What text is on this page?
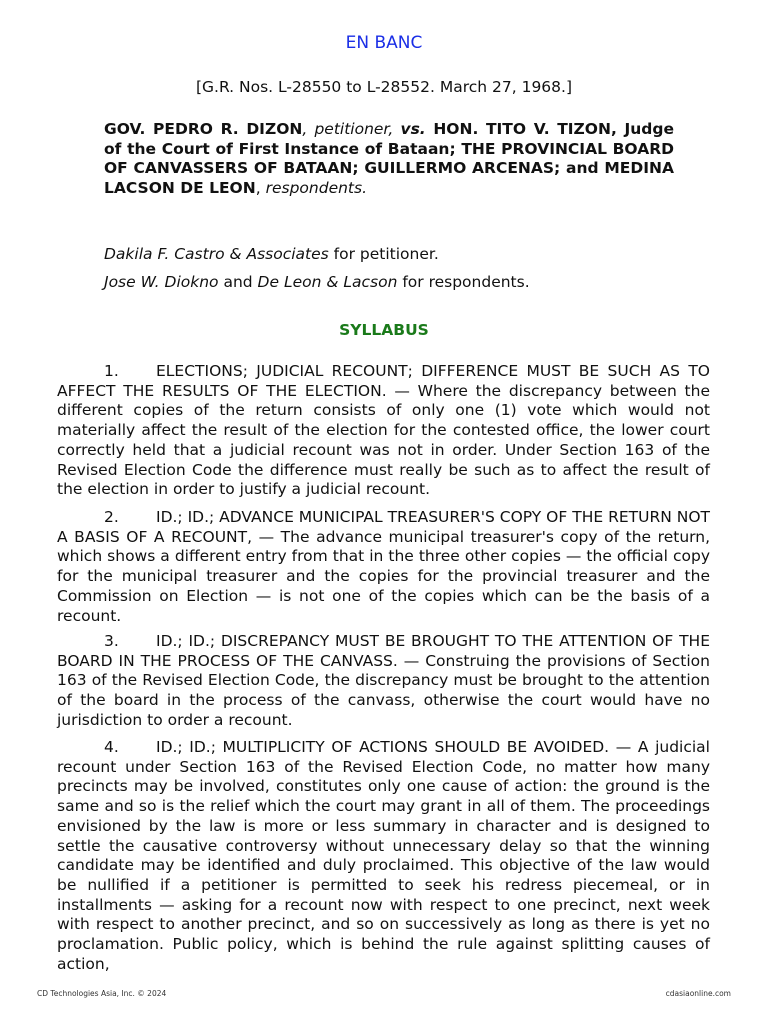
EN BANC
[G.R. Nos. L-28550 to L-28552. March 27, 1968.]
GOV. PEDRO R. DIZON, petitioner, vs. HON. TITO V. TIZON, Judge of the Court of First Instance of Bataan; THE PROVINCIAL BOARD OF CANVASSERS OF BATAAN; GUILLERMO ARCENAS; and MEDINA LACSON DE LEON, respondents.
Dakila F. Castro & Associates for petitioner.
Jose W. Diokno and De Leon & Lacson for respondents.
SYLLABUS
1. ELECTIONS; JUDICIAL RECOUNT; DIFFERENCE MUST BE SUCH AS TO AFFECT THE RESULTS OF THE ELECTION. — Where the discrepancy between the different copies of the return consists of only one (1) vote which would not materially affect the result of the election for the contested office, the lower court correctly held that a judicial recount was not in order. Under Section 163 of the Revised Election Code the difference must really be such as to affect the result of the election in order to justify a judicial recount.
2. ID.; ID.; ADVANCE MUNICIPAL TREASURER'S COPY OF THE RETURN NOT A BASIS OF A RECOUNT, — The advance municipal treasurer's copy of the return, which shows a different entry from that in the three other copies — the official copy for the municipal treasurer and the copies for the provincial treasurer and the Commission on Election — is not one of the copies which can be the basis of a recount.
3. ID.; ID.; DISCREPANCY MUST BE BROUGHT TO THE ATTENTION OF THE BOARD IN THE PROCESS OF THE CANVASS. — Construing the provisions of Section 163 of the Revised Election Code, the discrepancy must be brought to the attention of the board in the process of the canvass, otherwise the court would have no jurisdiction to order a recount.
4. ID.; ID.; MULTIPLICITY OF ACTIONS SHOULD BE AVOIDED. — A judicial recount under Section 163 of the Revised Election Code, no matter how many precincts may be involved, constitutes only one cause of action: the ground is the same and so is the relief which the court may grant in all of them. The proceedings envisioned by the law is more or less summary in character and is designed to settle the causative controversy without unnecessary delay so that the winning candidate may be identified and duly proclaimed. This objective of the law would be nullified if a petitioner is permitted to seek his redress piecemeal, or in installments — asking for a recount now with respect to one precinct, next week with respect to another precinct, and so on successively as long as there is yet no proclamation. Public policy, which is behind the rule against splitting causes of action,
CD Technologies Asia, Inc. © 2024	cdasiaonline.com
